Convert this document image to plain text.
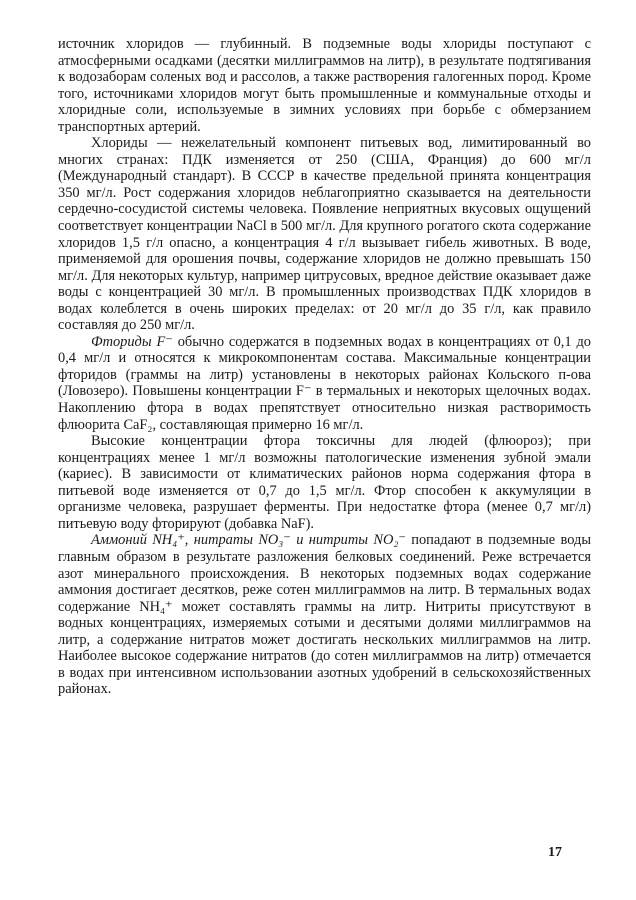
источник хлоридов — глубинный. В подземные воды хлориды поступают с атмосферными осадками (десятки миллиграммов на литр), в результате подтягивания к водозаборам соленых вод и рассолов, а также растворения галогенных пород. Кроме того, источниками хлоридов могут быть промышленные и коммунальные отходы и хлоридные соли, используемые в зимних условиях при борьбе с обмерзанием транспортных артерий.

Хлориды — нежелательный компонент питьевых вод, лимитированный во многих странах: ПДК изменяется от 250 (США, Франция) до 600 мг/л (Международный стандарт). В СССР в качестве предельной принята концентрация 350 мг/л. Рост содержания хлоридов неблагоприятно сказывается на деятельности сердечно-сосудистой системы человека. Появление неприятных вкусовых ощущений соответствует концентрации NaCl в 500 мг/л. Для крупного рогатого скота содержание хлоридов 1,5 г/л опасно, а концентрация 4 г/л вызывает гибель животных. В воде, применяемой для орошения почвы, содержание хлоридов не должно превышать 150 мг/л. Для некоторых культур, например цитрусовых, вредное действие оказывает даже воды с концентрацией 30 мг/л. В промышленных производствах ПДК хлоридов в водах колеблется в очень широких пределах: от 20 мг/л до 35 г/л, как правило составляя до 250 мг/л.

Фториды F⁻ обычно содержатся в подземных водах в концентрациях от 0,1 до 0,4 мг/л и относятся к микрокомпонентам состава. Максимальные концентрации фторидов (граммы на литр) установлены в некоторых районах Кольского п-ова (Ловозеро). Повышены концентрации F⁻ в термальных и некоторых щелочных водах. Накоплению фтора в водах препятствует относительно низкая растворимость флюорита CaF₂, составляющая примерно 16 мг/л.

Высокие концентрации фтора токсичны для людей (флюороз); при концентрациях менее 1 мг/л возможны патологические изменения зубной эмали (кариес). В зависимости от климатических районов норма содержания фтора в питьевой воде изменяется от 0,7 до 1,5 мг/л. Фтор способен к аккумуляции в организме человека, разрушает ферменты. При недостатке фтора (менее 0,7 мг/л) питьевую воду фторируют (добавка NaF).

Аммоний NH₄⁺, нитраты NO₃⁻ и нитриты NO₂⁻ попадают в подземные воды главным образом в результате разложения белковых соединений. Реже встречается азот минерального происхождения. В некоторых подземных водах содержание аммония достигает десятков, реже сотен миллиграммов на литр. В термальных водах содержание NH₄⁺ может составлять граммы на литр. Нитриты присутствуют в водных концентрациях, измеряемых сотыми и десятыми долями миллиграммов на литр, а содержание нитратов может достигать нескольких миллиграммов на литр. Наиболее высокое содержание нитратов (до сотен миллиграммов на литр) отмечается в водах при интенсивном использовании азотных удобрений в сельскохозяйственных районах.

17
